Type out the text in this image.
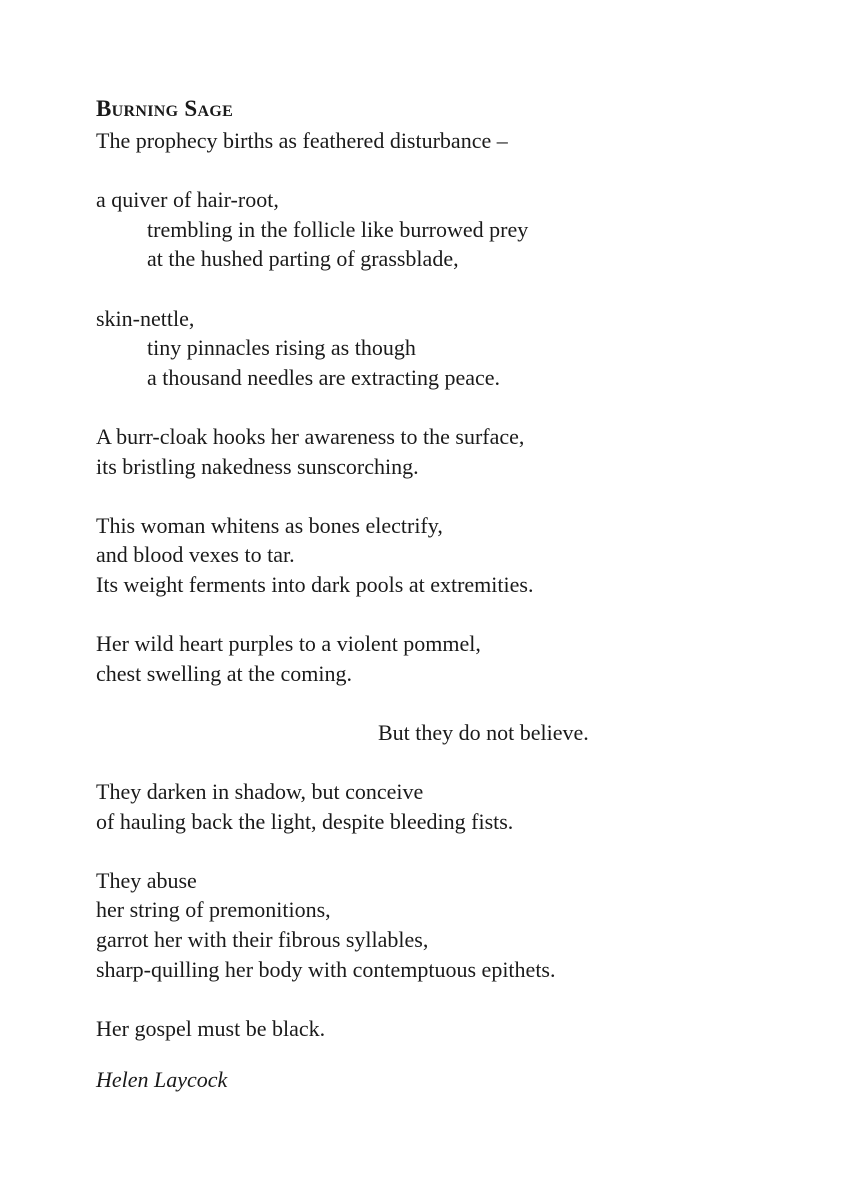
Burning Sage
The prophecy births as feathered disturbance –
a quiver of hair-root,
trembling in the follicle like burrowed prey
at the hushed parting of grassblade,
skin-nettle,
tiny pinnacles rising as though
a thousand needles are extracting peace.
A burr-cloak hooks her awareness to the surface,
its bristling nakedness sunscorching.
This woman whitens as bones electrify,
and blood vexes to tar.
Its weight ferments into dark pools at extremities.
Her wild heart purples to a violent pommel,
chest swelling at the coming.
But they do not believe.
They darken in shadow, but conceive
of hauling back the light, despite bleeding fists.
They abuse
her string of premonitions,
garrot her with their fibrous syllables,
sharp-quilling her body with contemptuous epithets.
Her gospel must be black.
Helen Laycock
